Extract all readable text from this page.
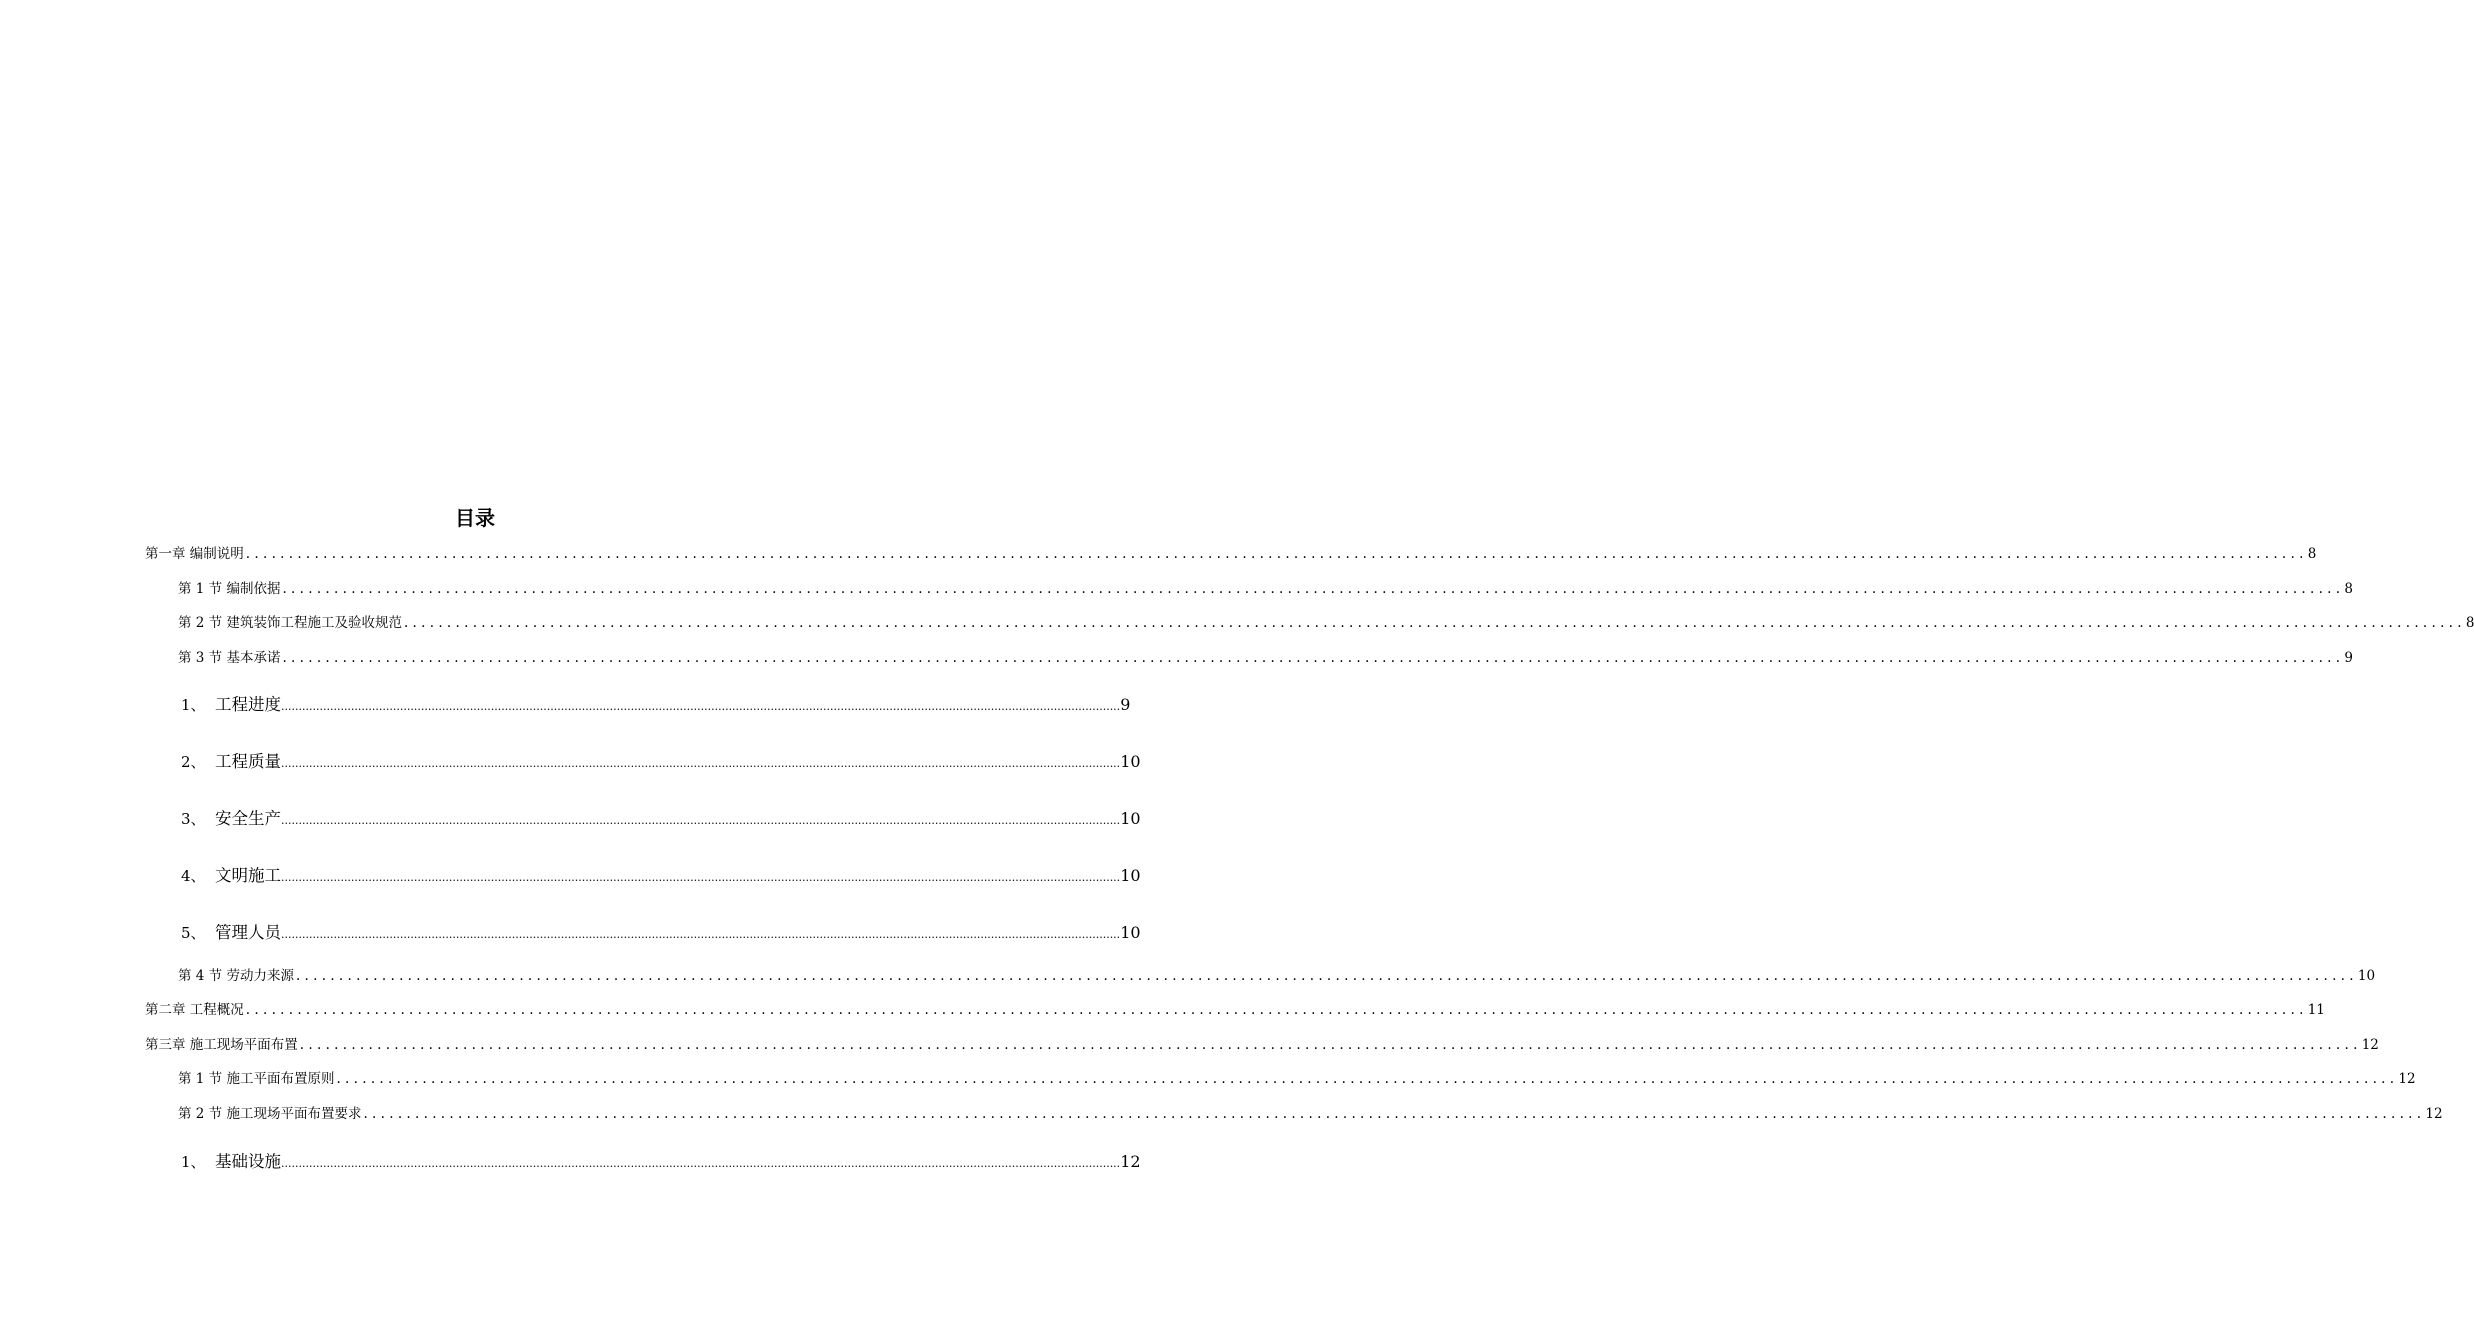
目录
第一章 编制说明 ................................................................................................................................................................................................................................................ 8
第 1 节 编制依据 ................................................................................................................................................................................................................................................ 8
第 2 节 建筑装饰工程施工及验收规范 ................................................................................................................................................................................................................................................ 8
第 3 节 基本承诺 ................................................................................................................................................................................................................................................ 9
1、 工程进度 ................................................................................................................................................................................................................................................ 9
2、 工程质量 ................................................................................................................................................................................................................................................ 10
3、 安全生产 ................................................................................................................................................................................................................................................ 10
4、 文明施工 ................................................................................................................................................................................................................................................ 10
5、 管理人员 ................................................................................................................................................................................................................................................ 10
第 4 节 劳动力来源 ................................................................................................................................................................................................................................................ 10
第二章 工程概况 ................................................................................................................................................................................................................................................ 11
第三章 施工现场平面布置 ................................................................................................................................................................................................................................................ 12
第 1 节 施工平面布置原则 ................................................................................................................................................................................................................................................ 12
第 2 节 施工现场平面布置要求 ................................................................................................................................................................................................................................................ 12
1、 基础设施 ................................................................................................................................................................................................................................................ 12
